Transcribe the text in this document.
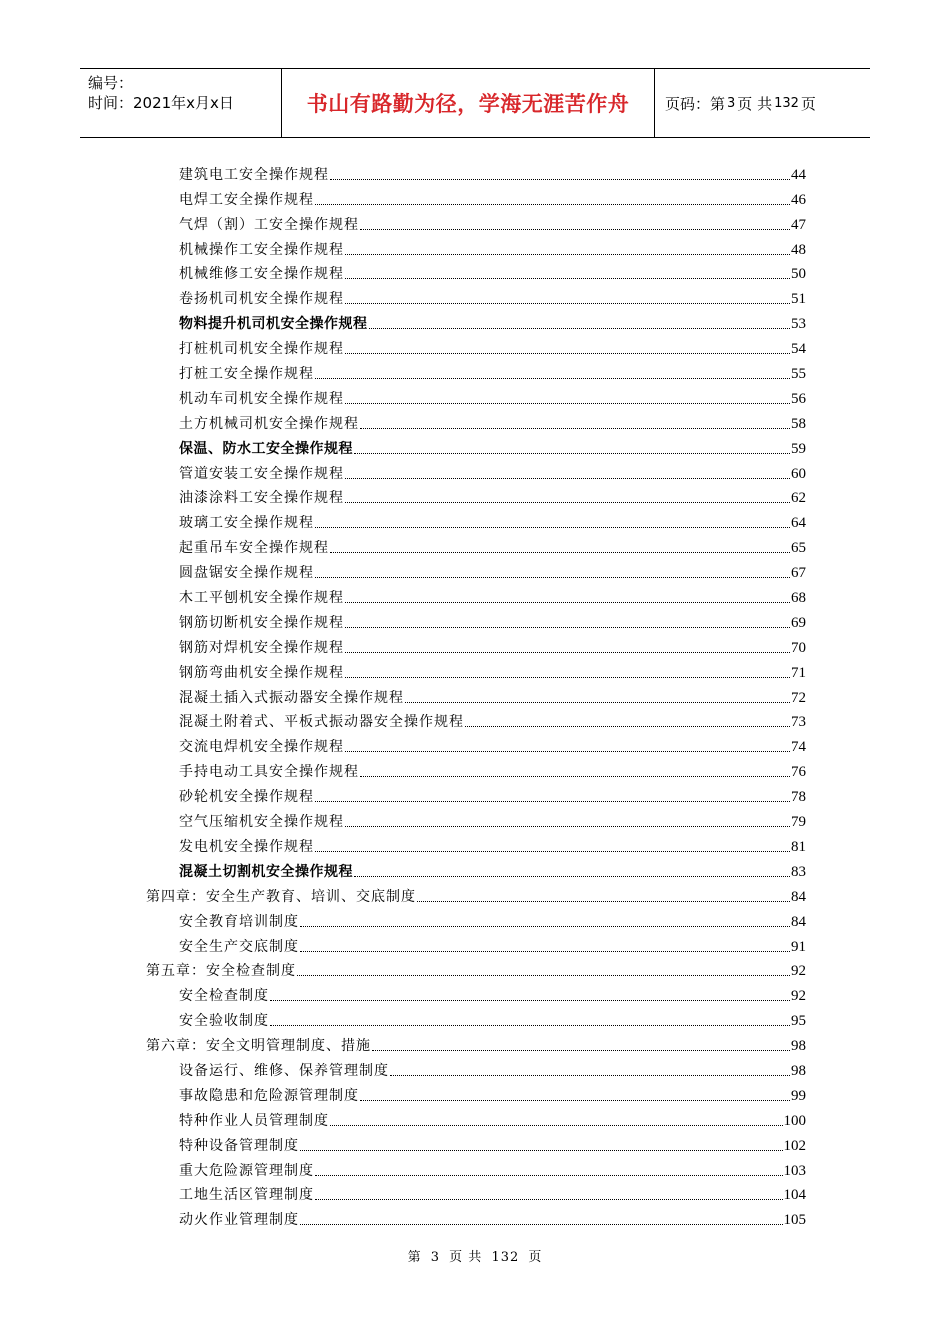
编号：
时间：2021年x月x日	书山有路勤为径，学海无涯苦作舟 页码：第 3 页 共 132 页
建筑电工安全操作规程	44
电焊工安全操作规程	46
气焊（割）工安全操作规程	47
机械操作工安全操作规程	48
机械维修工安全操作规程	50
卷扬机司机安全操作规程	51
物料提升机司机安全操作规程	53
打桩机司机安全操作规程	54
打桩工安全操作规程	55
机动车司机安全操作规程	56
土方机械司机安全操作规程	58
保温、防水工安全操作规程	59
管道安装工安全操作规程	60
油漆涂料工安全操作规程	62
玻璃工安全操作规程	64
起重吊车安全操作规程	65
圆盘锯安全操作规程	67
木工平刨机安全操作规程	68
钢筋切断机安全操作规程	69
钢筋对焊机安全操作规程	70
钢筋弯曲机安全操作规程	71
混凝土插入式振动器安全操作规程	72
混凝土附着式、平板式振动器安全操作规程	73
交流电焊机安全操作规程	74
手持电动工具安全操作规程	76
砂轮机安全操作规程	78
空气压缩机安全操作规程	79
发电机安全操作规程	81
混凝土切割机安全操作规程	83
第四章：安全生产教育、培训、交底制度	84
安全教育培训制度	84
安全生产交底制度	91
第五章：安全检查制度	92
安全检查制度	92
安全验收制度	95
第六章：安全文明管理制度、措施	98
设备运行、维修、保养管理制度	98
事故隐患和危险源管理制度	99
特种作业人员管理制度	100
特种设备管理制度	102
重大危险源管理制度	103
工地生活区管理制度	104
动火作业管理制度	105
第 3 页 共 132 页
